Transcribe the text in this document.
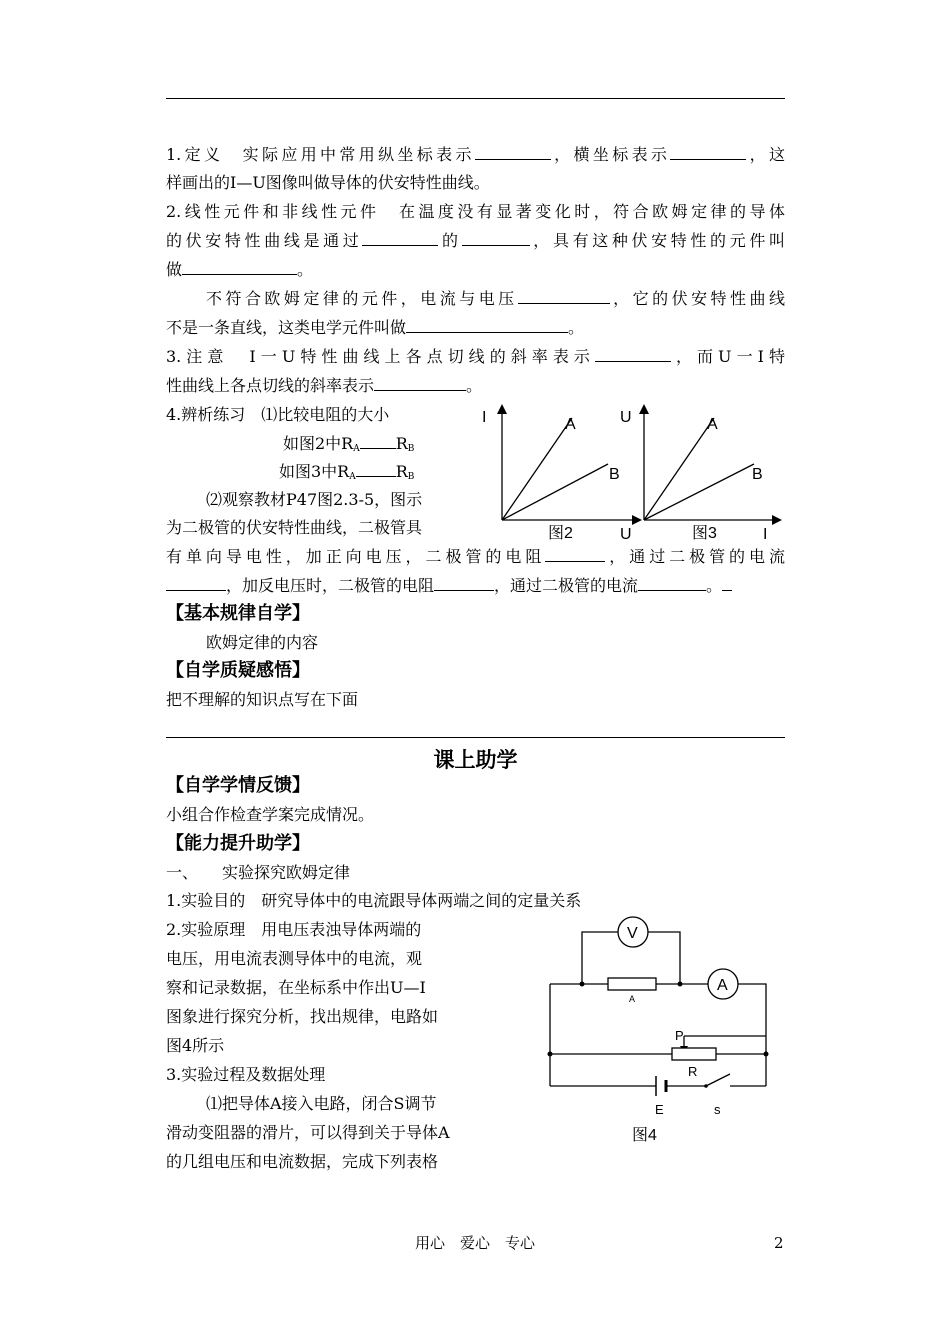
1.定义　实际应用中常用纵坐标表示	，横坐标表示	，这
样画出的I—U图像叫做导体的伏安特性曲线。
2.线性元件和非线性元件　在温度没有显著变化时，符合欧姆定律的导体
的伏安特性曲线是通过	的	，具有这种伏安特性的元件叫
做	。
不符合欧姆定律的元件，电流与电压	，它的伏安特性曲线
不是一条直线，这类电学元件叫做	。
3.注意　I一U特性曲线上各点切线的斜率表示	，而U一I特
性曲线上各点切线的斜率表示	。
4.辨析练习　⑴比较电阻的大小
如图2中$R_A$ $R_B$
如图3中$R_A$	$R_B$
⑵观察教材P47图2.3-5，图示
为二极管的伏安特性曲线，二极管具
有单向导电性，加正向电压，二极管的电阻	，通过二极管的电流
，加反电压时，二极管的电阻	，通过二极管的电流	。
I	A
B
图2	U
U	A
B
图3	I
【基本规律自学】
欧姆定律的内容
【自学质疑感悟】
把不理解的知识点写在下面
课上助学
【自学学情反馈】
小组合作检查学案完成情况。
【能力提升助学】
一、　　实验探究欧姆定律
1.实验目的　研究导体中的电流跟导体两端之间的定量关系
2.实验原理　用电压表浊导体两端的
电压，用电流表测导体中的电流，观
察和记录数据，在坐标系中作出U—I
图象进行探究分析，找出规律，电路如
图4所示
3.实验过程及数据处理
⑴把导体A接入电路，闭合S调节
滑动变阻器的滑片，可以得到关于导体A
的几组电压和电流数据，完成下列表格
A
P
R
V
A
E	s
图4
用心　爱心　专心	2
